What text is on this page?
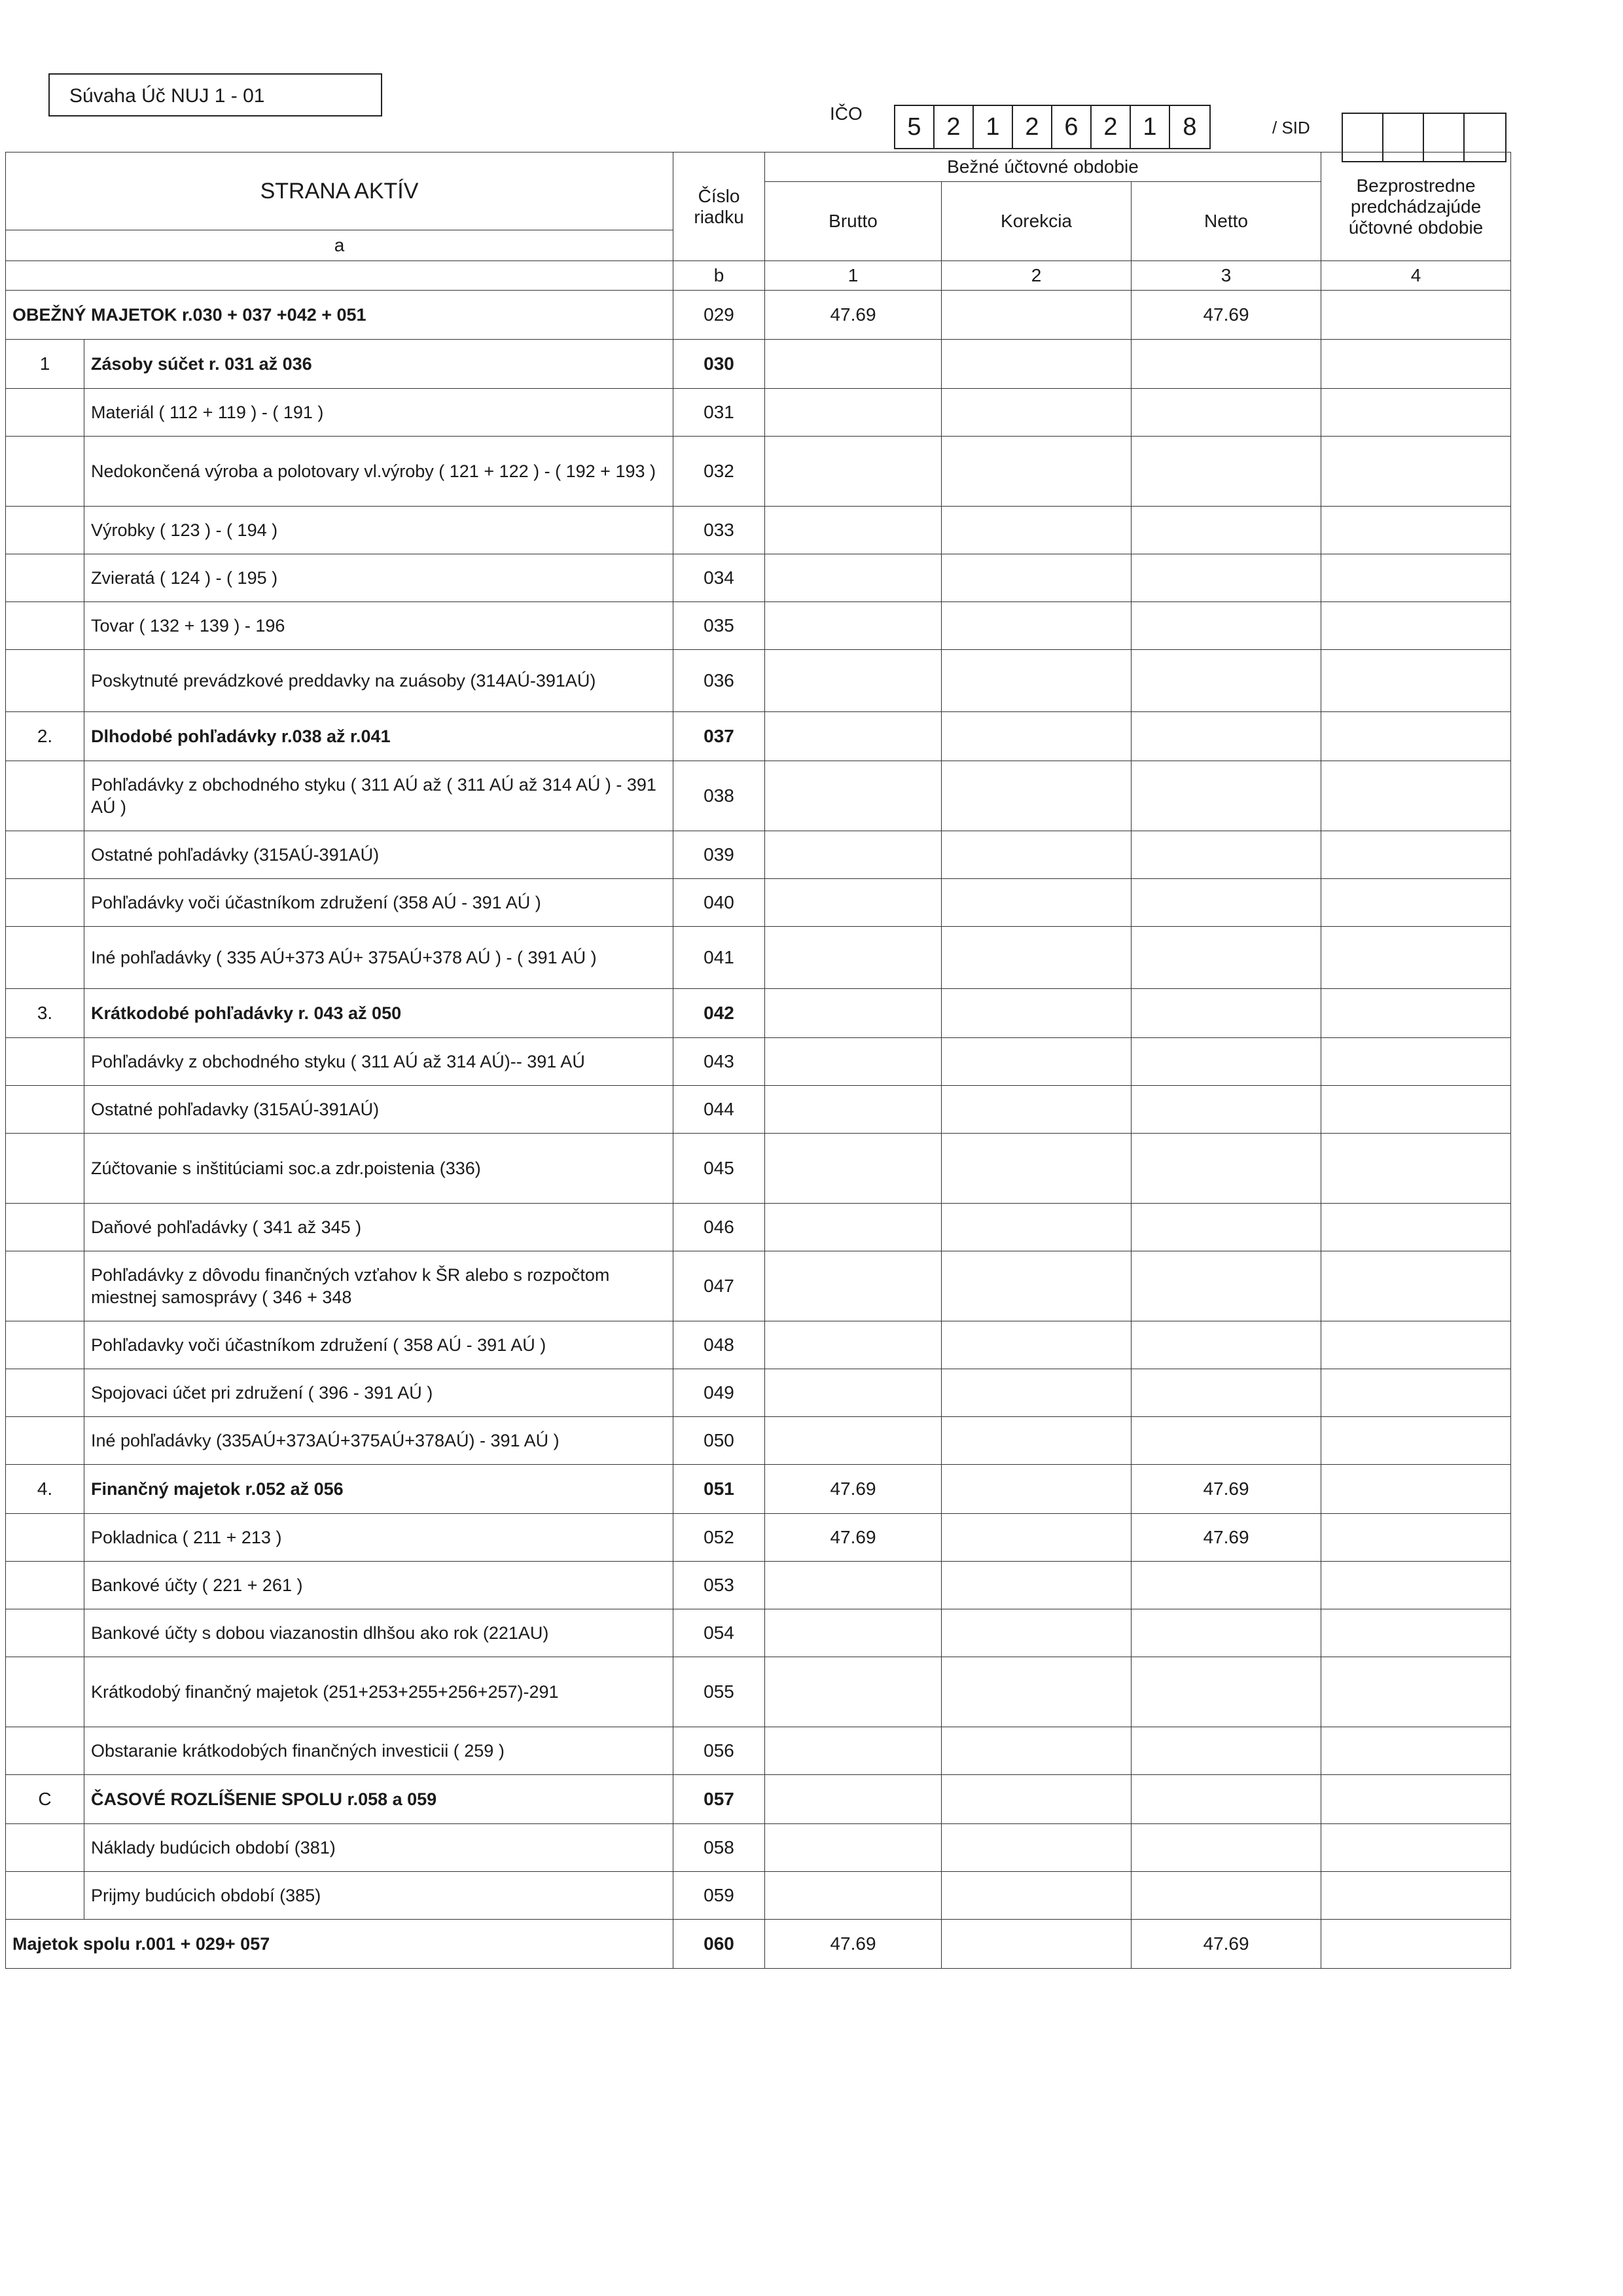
Súvaha Úč NUJ 1 - 01
IČO	5	2	1	2	6	2	1	8	/ SID
STRANA AKTÍV		Číslo riadku	Bežné účtovné obdobie			Bezprostredne predchádzajúde účtovné obdobie
			Brutto	Korekcia	Netto	
a						
		b	1	2	3	4
OBEŽNÝ MAJETOK r.030 + 037 +042 + 051		029	47.69		47.69	
1	Zásoby súčet r. 031 až 036	030				
	Materiál ( 112 + 119 ) - ( 191 )	031				
	Nedokončená výroba a polotovary vl.výroby ( 121 + 122 ) - ( 192 + 193 )	032				
	Výrobky ( 123 ) - ( 194 )	033				
	Zvieratá ( 124 ) - ( 195 )	034				
	Tovar ( 132 + 139 ) - 196	035				
	Poskytnuté prevádzkové preddavky na zuásoby (314AÚ-391AÚ)	036				
2.	Dlhodobé pohľadávky r.038 až r.041	037				
	Pohľadávky z obchodného styku ( 311 AÚ až ( 311 AÚ až 314 AÚ ) - 391 AÚ )	038				
	Ostatné pohľadávky (315AÚ-391AÚ)	039				
	Pohľadávky voči účastníkom združení (358 AÚ - 391 AÚ )	040				
	Iné pohľadávky ( 335 AÚ+373 AÚ+ 375AÚ+378 AÚ ) - ( 391 AÚ )	041				
3.	Krátkodobé pohľadávky r. 043 až 050	042				
	Pohľadávky z obchodného styku ( 311 AÚ až 314 AÚ)-- 391 AÚ	043				
	Ostatné pohľadavky (315AÚ-391AÚ)	044				
	Zúčtovanie s inštitúciami soc.a zdr.poistenia (336)	045				
	Daňové pohľadávky ( 341 až 345 )	046				
	Pohľadávky z dôvodu finančných vzťahov k ŠR alebo s rozpočtom miestnej samosprávy ( 346 + 348	047				
	Pohľadavky voči účastníkom združení ( 358 AÚ - 391 AÚ )	048				
	Spojovaci účet pri združení ( 396 - 391 AÚ )	049				
	Iné pohľadávky (335AÚ+373AÚ+375AÚ+378AÚ) - 391 AÚ )	050				
4.	Finančný majetok r.052 až 056	051	47.69		47.69	
	Pokladnica ( 211 + 213 )	052	47.69		47.69	
	Bankové účty ( 221 + 261 )	053				
	Bankové účty s dobou viazanostin dlhšou ako rok (221AU)	054				
	Krátkodobý finančný majetok (251+253+255+256+257)-291	055				
	Obstaranie krátkodobých finančných investicii ( 259 )	056				
C	ČASOVÉ ROZLÍŠENIE SPOLU r.058 a 059	057				
	Náklady budúcich období (381)	058				
	Prijmy budúcich období (385)	059				
Majetok spolu r.001 + 029+ 057		060	47.69		47.69	
